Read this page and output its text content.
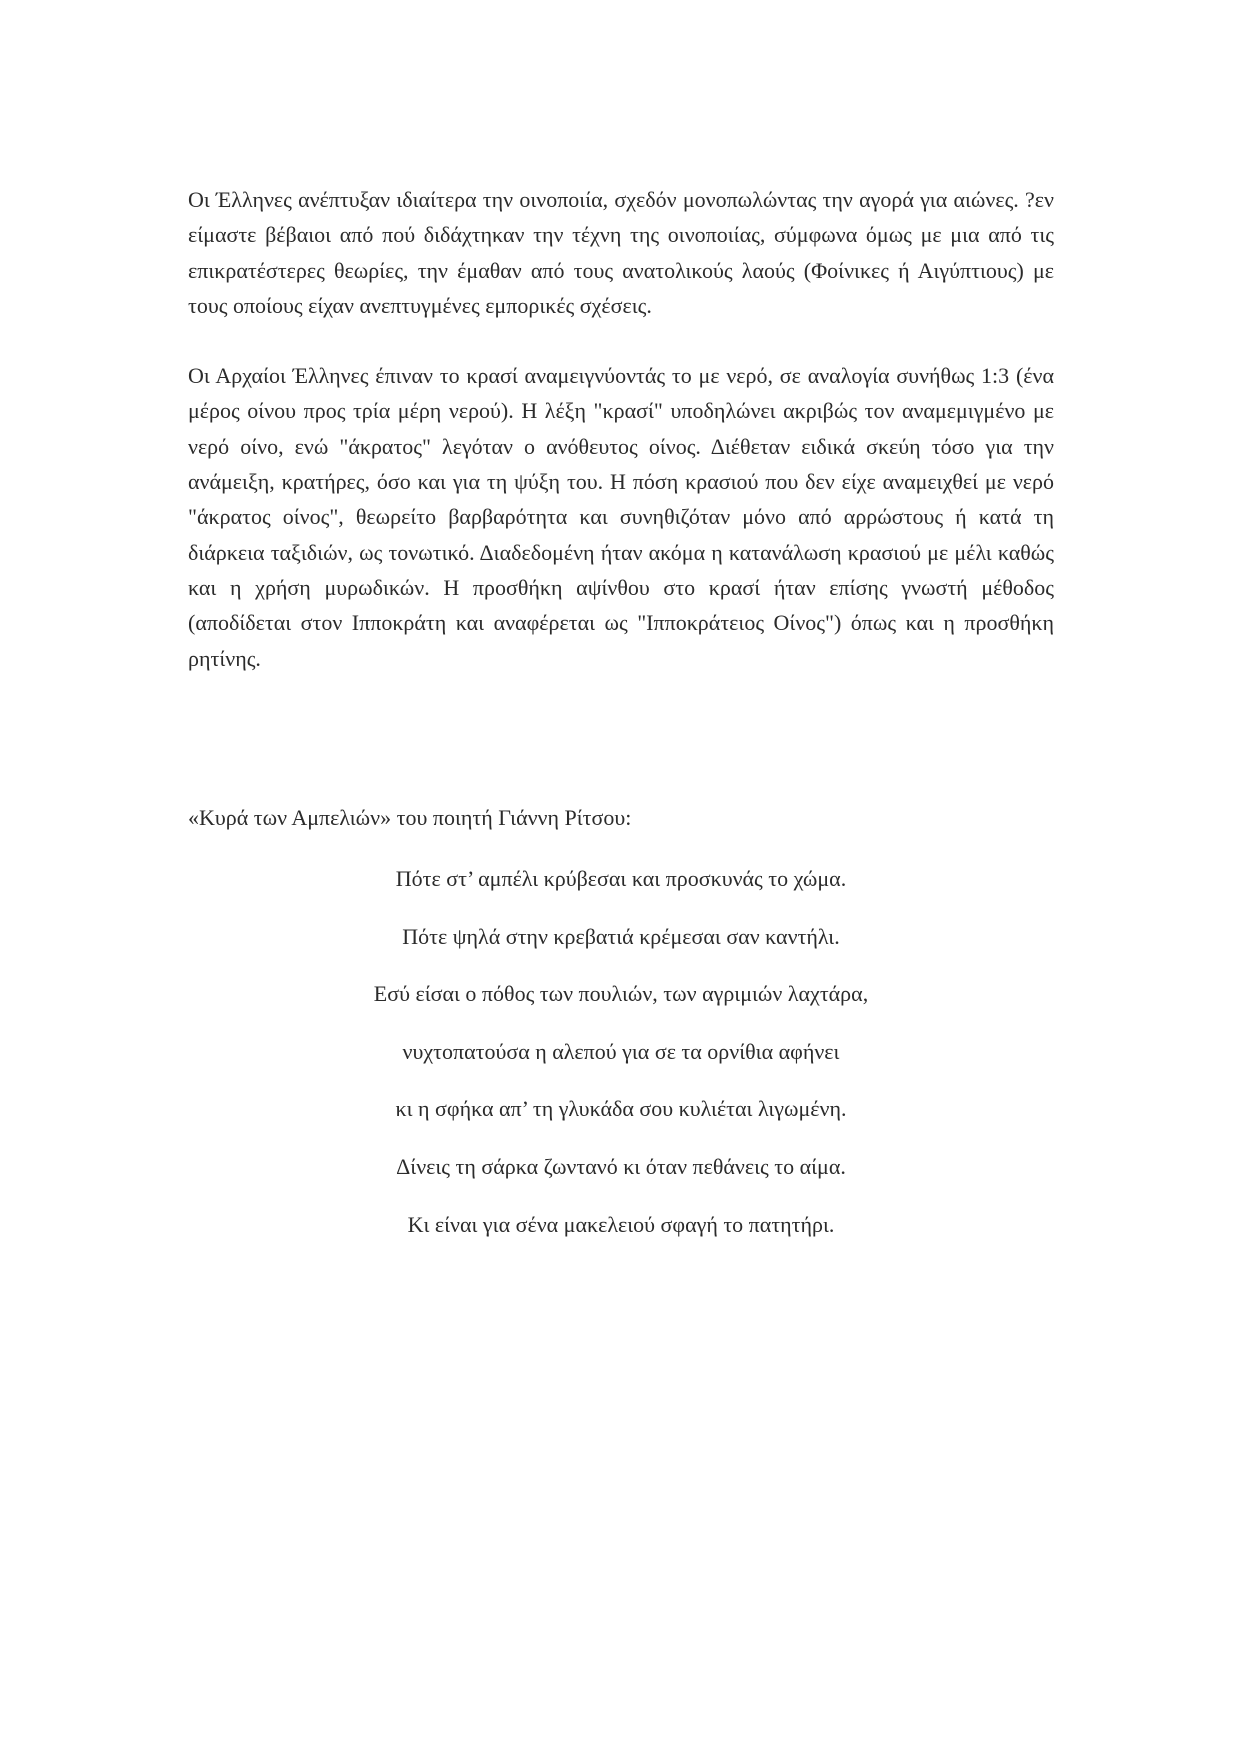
Οι Έλληνες ανέπτυξαν ιδιαίτερα την οινοποιία, σχεδόν μονοπωλώντας την αγορά για αιώνες. ?εν είμαστε βέβαιοι από πού διδάχτηκαν την τέχνη της οινοποιίας, σύμφωνα όμως με μια από τις επικρατέστερες θεωρίες, την έμαθαν από τους ανατολικούς λαούς (Φοίνικες ή Αιγύπτιους) με τους οποίους είχαν ανεπτυγμένες εμπορικές σχέσεις.

Οι Αρχαίοι Έλληνες έπιναν το κρασί αναμειγνύοντάς το με νερό, σε αναλογία συνήθως 1:3 (ένα μέρος οίνου προς τρία μέρη νερού). Η λέξη "κρασί" υποδηλώνει ακριβώς τον αναμεμιγμένο με νερό οίνο, ενώ "άκρατος" λεγόταν ο ανόθευτος οίνος. Διέθεταν ειδικά σκεύη τόσο για την ανάμειξη, κρατήρες, όσο και για τη ψύξη του. Η πόση κρασιού που δεν είχε αναμειχθεί με νερό "άκρατος οίνος", θεωρείτο βαρβαρότητα και συνηθιζόταν μόνο από αρρώστους ή κατά τη διάρκεια ταξιδιών, ως τονωτικό. Διαδεδομένη ήταν ακόμα η κατανάλωση κρασιού με μέλι καθώς και η χρήση μυρωδικών. Η προσθήκη αψίνθου στο κρασί ήταν επίσης γνωστή μέθοδος (αποδίδεται στον Ιπποκράτη και αναφέρεται ως "Ιπποκράτειος Οίνος") όπως και η προσθήκη ρητίνης.

«Κυρά των Αμπελιών» του ποιητή Γιάννη Ρίτσου:

Πότε στ’ αμπέλι κρύβεσαι και προσκυνάς το χώμα.
Πότε ψηλά στην κρεβατιά κρέμεσαι σαν καντήλι.
Εσύ είσαι ο πόθος των πουλιών, των αγριμιών λαχτάρα,
νυχτοπατούσα η αλεπού για σε τα ορνίθια αφήνει
κι η σφήκα απ’ τη γλυκάδα σου κυλιέται λιγωμένη.
Δίνεις τη σάρκα ζωντανό κι όταν πεθάνεις το αίμα.
Κι είναι για σένα μακελειού σφαγή το πατητήρι.
